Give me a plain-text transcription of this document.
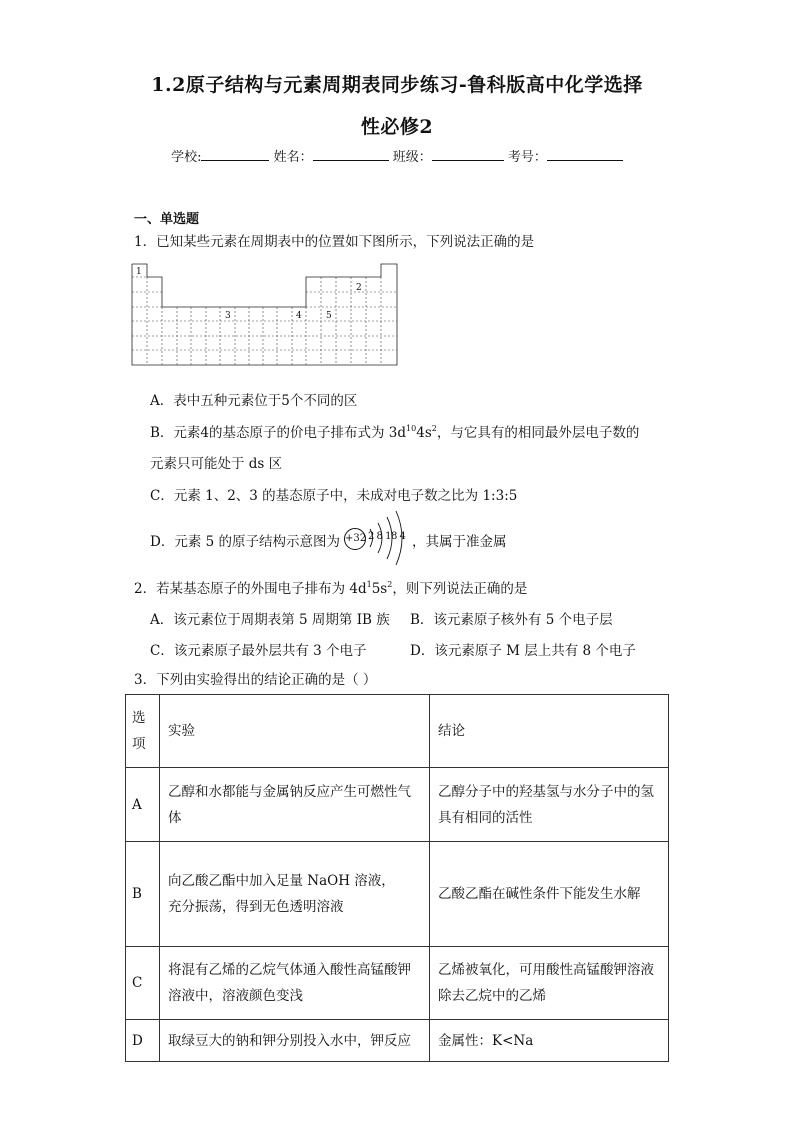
1.2原子结构与元素周期表同步练习-鲁科版高中化学选择
性必修2
学校:	姓名：	班级：	考号：
一、单选题
1．已知某些元素在周期表中的位置如下图所示，下列说法正确的是
1
2
3	4	5
A．表中五种元素位于5个不同的区
B．元素4的基态原子的价电子排布式为 $3d^{10}4s^2$，与它具有的相同最外层电子数的
元素只可能处于 ds 区
C．元素 1、2、3 的基态原子中，未成对电子数之比为 1:3:5
D．元素 5 的原子结构示意图为 +32 2 8 18 4 ，其属于准金属
2．若某基态原子的外围电子排布为 $4d^15s^2$，则下列说法正确的是
A．该元素位于周期表第 5 周期第 IB 族 B．该元素原子核外有 5 个电子层
C．该元素原子最外层共有 3 个电子	D．该元素原子 M 层上共有 8 个电子
3．下列由实验得出的结论正确的是（ ）
选项	实验	结论
A	乙醇和水都能与金属钠反应产生可燃性气体	乙醇分子中的羟基氢与水分子中的氢具有相同的活性
B	向乙酸乙酯中加入足量 NaOH 溶液，充分振荡，得到无色透明溶液	乙酸乙酯在碱性条件下能发生水解
C	将混有乙烯的乙烷气体通入酸性高锰酸钾溶液中，溶液颜色变浅	乙烯被氧化，可用酸性高锰酸钾溶液除去乙烷中的乙烯
D	取绿豆大的钠和钾分别投入水中，钾反应	金属性：K<Na
